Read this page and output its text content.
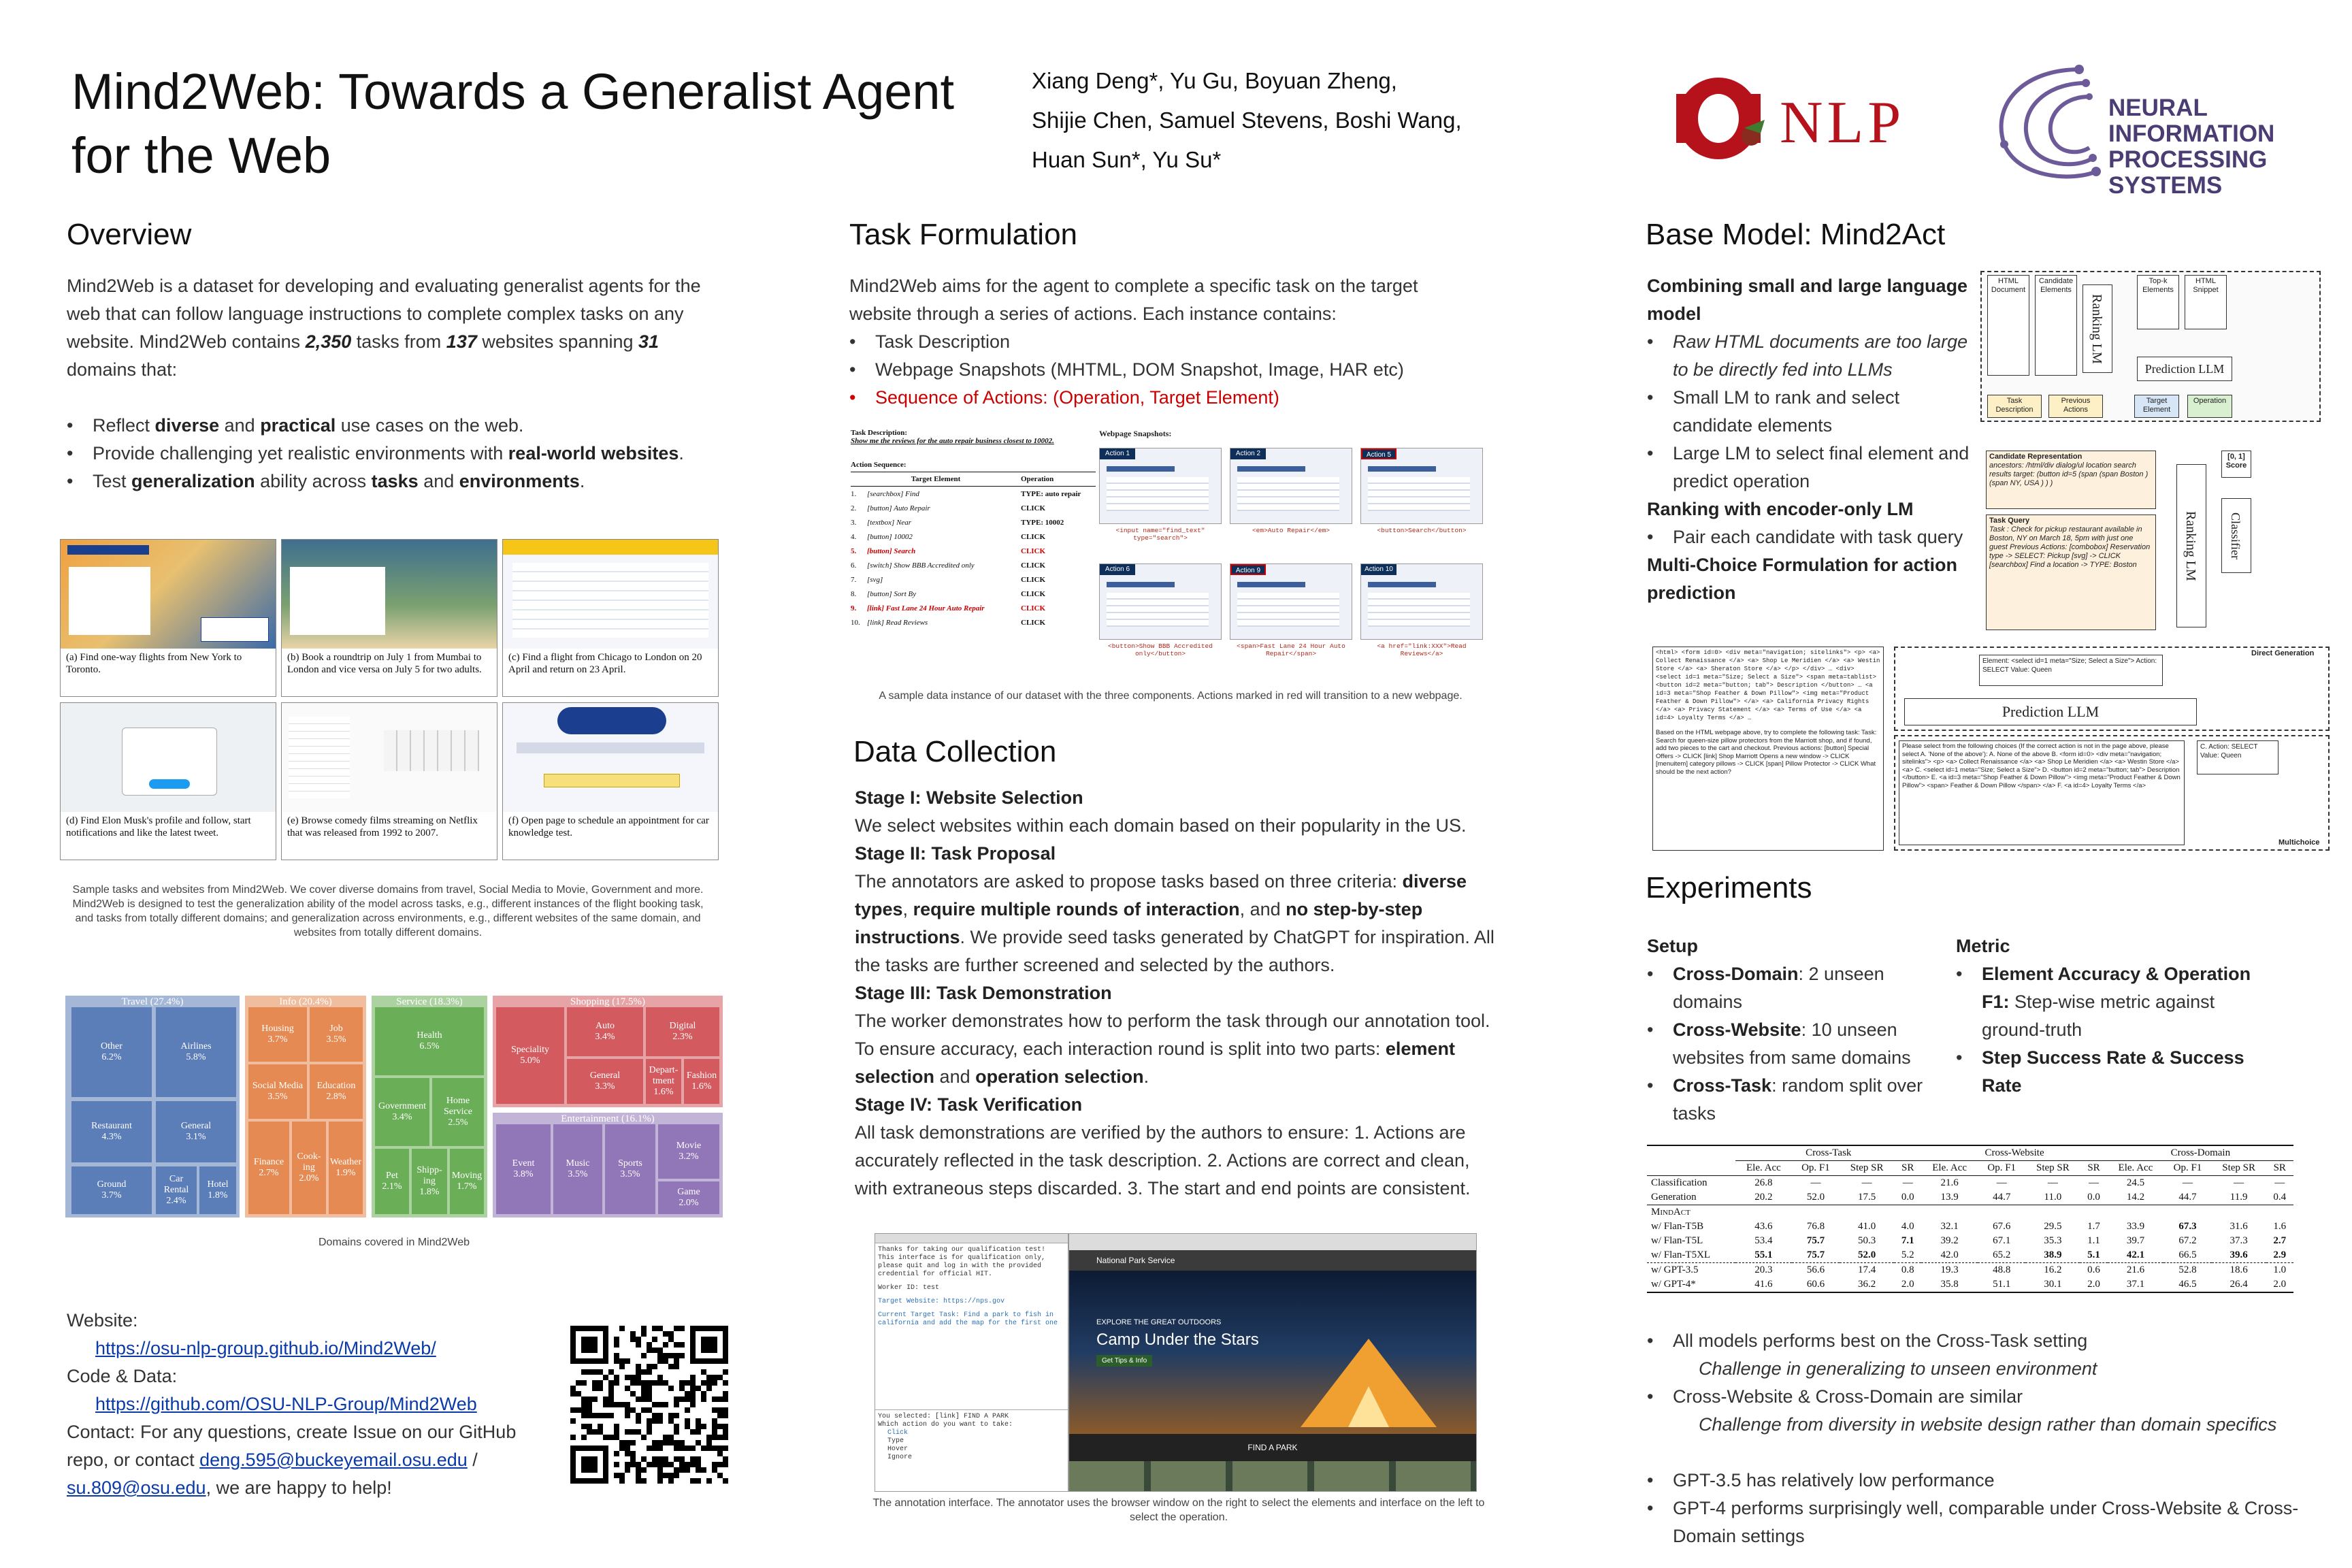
Mind2Web: Towards a Generalist Agent for the Web
Xiang Deng*, Yu Gu, Boyuan Zheng,
Shijie Chen, Samuel Stevens, Boshi Wang,
Huan Sun*, Yu Su*
NLP	NEURAL INFORMATION
PROCESSING SYSTEMS
Overview

Mind2Web is a dataset for developing and evaluating generalist agents for the web that can follow language instructions to complete complex tasks on any website. Mind2Web contains 2,350 tasks from 137 websites spanning 31 domains that:

• Reflect diverse and practical use cases on the web.
• Provide challenging yet realistic environments with real-world websites.
• Test generalization ability across tasks and environments.
(a) Find one-way flights from New York to Toronto.
(b) Book a roundtrip on July 1 from Mumbai to London and vice versa on July 5 for two adults.
(c) Find a flight from Chicago to London on 20 April and return on 23 April.
(d) Find Elon Musk's profile and follow, start notifications and like the latest tweet.
(e) Browse comedy films streaming on Netflix that was released from 1992 to 2007.
(f) Open page to schedule an appointment for car knowledge test.
Sample tasks and websites from Mind2Web. We cover diverse domains from travel, Social Media to Movie, Government and more. Mind2Web is designed to test the generalization ability of the model across tasks, e.g., different instances of the flight booking task, and tasks from totally different domains; and generalization across environments, e.g., different websites of the same domain, and websites from totally different domains.
Travel (27.4%)	Info (20.4%)	Service (18.3%)	Shopping (17.5%)
Entertainment (16.1%)
Other
6.2%
Airlines
5.8%
Restaurant
4.3%
General
3.1%
Ground
3.7%
Car Rental
2.4%
Hotel
1.8%
Housing
3.7%
Job
3.5%
Social Media
3.5%
Education
2.8%
Finance
2.7%
Cook-ing
2.0%
Weather
1.9%
Health
6.5%
Government
3.4%
Home Service
2.5%
Pet
2.1%
Shipp-ing
1.8%
Moving
1.7%
Speciality
5.0%
Auto
3.4%
Digital
2.3%
General
3.3%
Depart-tment
1.6%
Fashion
1.6%
Event
3.8%
Music
3.5%
Sports
3.5%
Movie
3.2%
Game
2.0%
Domains covered in Mind2Web
Website:
https://osu-nlp-group.github.io/Mind2Web/
Code & Data:
https://github.com/OSU-NLP-Group/Mind2Web
Contact: For any questions, create Issue on our GitHub repo, or contact deng.595@buckeyemail.osu.edu / su.809@osu.edu, we are happy to help!
Task Formulation

Mind2Web aims for the agent to complete a specific task on the target website through a series of actions. Each instance contains:

• Task Description
• Webpage Snapshots (MHTML, DOM Snapshot, Image, HAR etc)
• Sequence of Actions: (Operation, Target Element)
Task Description:
Show me the reviews for the auto repair business closest to 10002.
Action Sequence:
Target Element	Operation
1.	[searchbox] Find	TYPE: auto repair
2.	[button] Auto Repair	CLICK
3.	[textbox] Near	TYPE: 10002
4.	[button] 10002	CLICK
5.	[button] Search	CLICK
6.	[switch] Show BBB Accredited only	CLICK
7.	[svg]	CLICK
8.	[button] Sort By	CLICK
9.	[link] Fast Lane 24 Hour Auto Repair	CLICK
10. [link] Read Reviews	CLICK
Webpage Snapshots:
Action 1
<input name="find_text" type="search">
Action 2
<em>Auto Repair</em>
Action 5
<button>Search</button>
Action 6
<button>Show BBB Accredited only</button>
Action 9
<span>Fast Lane 24 Hour Auto Repair</span>
Action 10
<a href="link:XXX">Read Reviews</a>
A sample data instance of our dataset with the three components. Actions marked in red will transition to a new webpage.
Data Collection
Stage I: Website Selection

We select websites within each domain based on their popularity in the US.

Stage II: Task Proposal

The annotators are asked to propose tasks based on three criteria: diverse types, require multiple rounds of interaction, and no step-by-step instructions. We provide seed tasks generated by ChatGPT for inspiration. All the tasks are further screened and selected by the authors.

Stage III: Task Demonstration

The worker demonstrates how to perform the task through our annotation tool. To ensure accuracy, each interaction round is split into two parts: element selection and operation selection.

Stage IV: Task Verification

All task demonstrations are verified by the authors to ensure: 1. Actions are accurately reflected in the task description. 2. Actions are correct and clean, with extraneous steps discarded. 3. The start and end points are consistent.

Thanks for taking our qualification test! This interface is for qualification only, please quit and log in with the provided credential for official HIT.
Worker ID: test
Target Website: https://nps.gov
Current Target Task: Find a park to fish in california and add the map for the first one
You selected: [link] FIND A PARK
Which action do you want to take:
Click
Type
Hover
Ignore
National Park Service
EXPLORE THE GREAT OUTDOORS
Camp Under the Stars
Get Tips & Info
FIND A PARK
The annotation interface. The annotator uses the browser window on the right to select the elements and interface on the left to select the operation.
Base Model: Mind2Act
Combining small and large language model
• Raw HTML documents are too large to be directly fed into LLMs
• Small LM to rank and select candidate elements
• Large LM to select final element and predict operation
Ranking with encoder-only LM
• Pair each candidate with task query
Multi-Choice Formulation for action prediction
HTML Document
Candidate Elements
Ranking LM
Top-k Elements
HTML Snippet
Prediction LLM
Task Description
Previous Actions
Target Element
Operation
Candidate Representation
ancestors: /html/div dialog/ul location search results target: (button id=5 (span (span Boston ) (span NY, USA ) ) )
Task Query
Task : Check for pickup restaurant available in Boston, NY on March 18, 5pm with just one guest Previous Actions: [combobox] Reservation type -> SELECT: Pickup [svg] -> CLICK [searchbox] Find a location -> TYPE: Boston	Ranking LM	Classifier
[0, 1] Score
<html> <form id=0> <div meta="navigation; sitelinks"> <p> <a> Collect Renaissance </a> <a> Shop Le Meridien </a> <a> Westin Store </a> <a> Sheraton Store </a> </p> </div> … <div> <select id=1 meta="Size; Select a Size"> <span meta=tablist> <button id=2 meta="button; tab"> Description </button> … <a id=3 meta="Shop Feather & Down Pillow"> <img meta="Product Feather & Down Pillow"> </a> <a> California Privacy Rights </a> <a> Privacy Statement </a> <a> Terms of Use </a> <a id=4> Loyalty Terms </a> …
Based on the HTML webpage above, try to complete the following task: Task: Search for queen-size pillow protectors from the Marriott shop, and if found, add two pieces to the cart and checkout. Previous actions: [button] Special Offers -> CLICK [link] Shop Marriott Opens a new window -> CLICK [menuitem] category pillows -> CLICK [span] Pillow Protector -> CLICK What should be the next action?
Direct Generation
Element: <select id=1 meta="Size; Select a Size"> Action: SELECT Value: Queen
Prediction LLM
Please select from the following choices (If the correct action is not in the page above, please select A. 'None of the above'): A. None of the above B. <form id=0> <div meta="navigation; sitelinks"> <p> <a> Collect Renaissance </a> <a> Shop Le Meridien </a> <a> Westin Store </a> <a> C. <select id=1 meta="Size; Select a Size"> D. <button id=2 meta="button; tab"> Description </button> E. <a id=3 meta="Shop Feather & Down Pillow"> <img meta="Product Feather & Down Pillow"> <span> Feather & Down Pillow </span> </a> F. <a id=4> Loyalty Terms </a>
C. Action: SELECT Value: Queen
Multichoice
Experiments
Setup
• Cross-Domain: 2 unseen domains
• Cross-Website: 10 unseen websites from same domains
• Cross-Task: random split over tasks
Metric
• Element Accuracy & Operation F1: Step-wise metric against ground-truth
• Step Success Rate & Success Rate
	Cross-Task				Cross-Website				Cross-Domain			
	Ele. Acc	Op. F1	Step SR	SR	Ele. Acc	Op. F1	Step SR	SR	Ele. Acc	Op. F1	Step SR	SR
Classification	26.8	—	—	—	21.6	—	—	—	24.5	—	—	—
Generation	20.2	52.0	17.5	0.0	13.9	44.7	11.0	0.0	14.2	44.7	11.9	0.4
MindAct												
w/ Flan-T5B	43.6	76.8	41.0	4.0	32.1	67.6	29.5	1.7	33.9	67.3	31.6	1.6
w/ Flan-T5L	53.4	75.7	50.3	7.1	39.2	67.1	35.3	1.1	39.7	67.2	37.3	2.7
w/ Flan-T5XL	55.1	75.7	52.0	5.2	42.0	65.2	38.9	5.1	42.1	66.5	39.6	2.9
w/ GPT-3.5	20.3	56.6	17.4	0.8	19.3	48.8	16.2	0.6	21.6	52.8	18.6	1.0
w/ GPT-4*	41.6	60.6	36.2	2.0	35.8	51.1	30.1	2.0	37.1	46.5	26.4	2.0
• All models performs best on the Cross-Task setting
Challenge in generalizing to unseen environment
• Cross-Website & Cross-Domain are similar
Challenge from diversity in website design rather than domain specifics
• GPT-3.5 has relatively low performance
• GPT-4 performs surprisingly well, comparable under Cross-Website & Cross-Domain settings
